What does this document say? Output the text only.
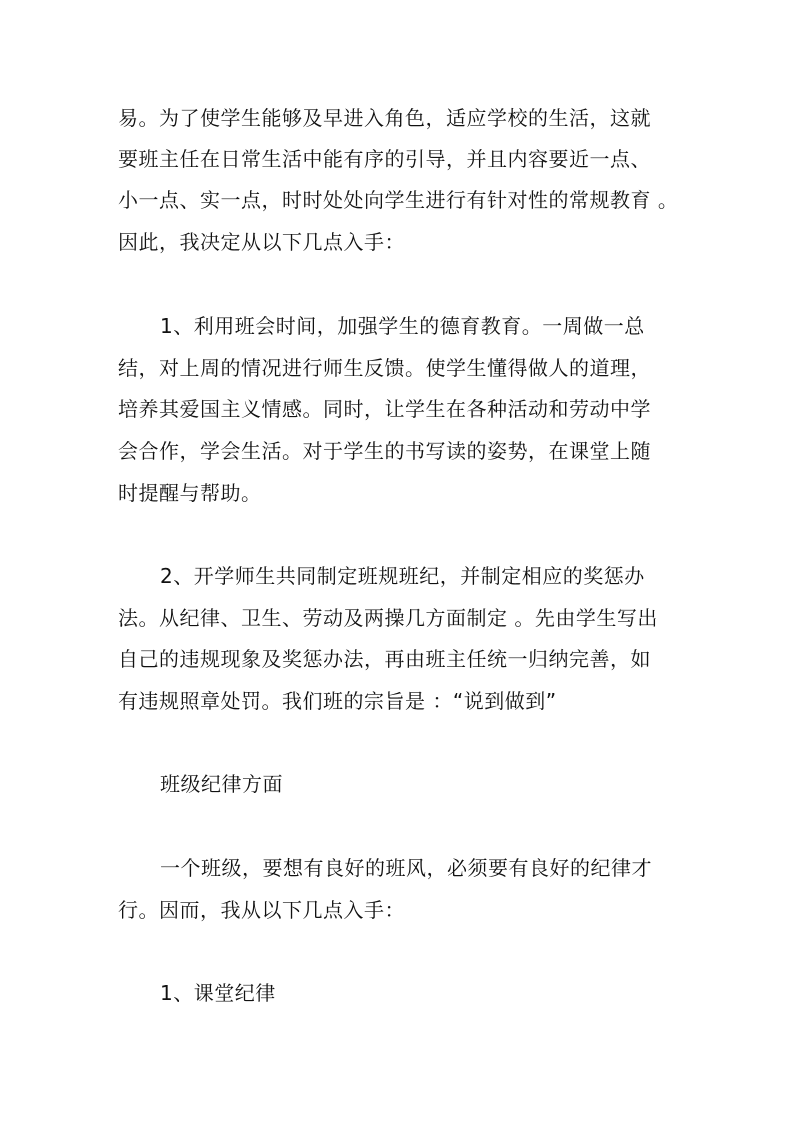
易。为了使学生能够及早进入角色，适应学校的生活，这就
要班主任在日常生活中能有序的引导，并且内容要近一点、
小一点、实一点，时时处处向学生进行有针对性的常规教育 。
因此，我决定从以下几点入手：
1、利用班会时间，加强学生的德育教育。一周做一总
结，对上周的情况进行师生反馈。使学生懂得做人的道理，
培养其爱国主义情感。同时，让学生在各种活动和劳动中学
会合作，学会生活。对于学生的书写读的姿势，在课堂上随
时提醒与帮助。
2、开学师生共同制定班规班纪，并制定相应的奖惩办
法。从纪律、卫生、劳动及两操几方面制定 。先由学生写出
自己的违规现象及奖惩办法，再由班主任统一归纳完善，如
有违规照章处罚。我们班的宗旨是 ：“说到做到”
班级纪律方面
一个班级，要想有良好的班风，必须要有良好的纪律才
行。因而，我从以下几点入手：
1、课堂纪律
